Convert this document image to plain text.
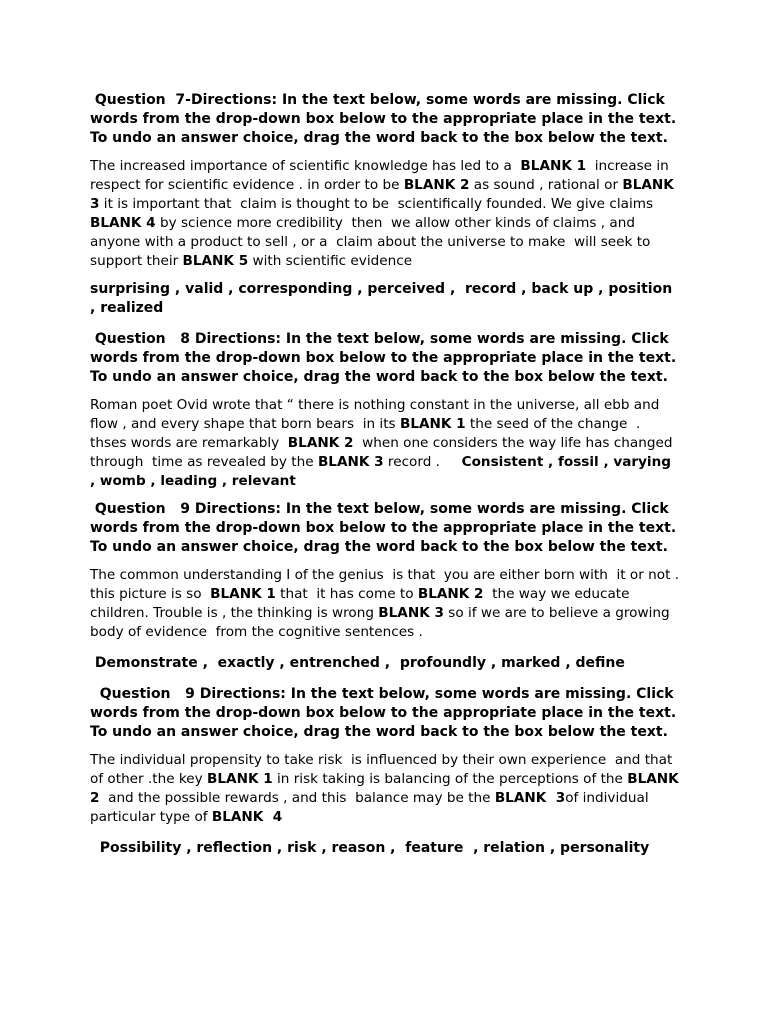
Question  7-Directions: In the text below, some words are missing. Click words from the drop-down box below to the appropriate place in the text. To undo an answer choice, drag the word back to the box below the text.

The increased importance of scientific knowledge has led to a  BLANK 1  increase in respect for scientific evidence . in order to be BLANK 2 as sound , rational or BLANK 3 it is important that  claim is thought to be  scientifically founded. We give claims BLANK 4 by science more credibility  then  we allow other kinds of claims , and anyone with a product to sell , or a  claim about the universe to make  will seek to support their BLANK 5 with scientific evidence

surprising , valid , corresponding , perceived ,  record , back up , position , realized

Question   8 Directions: In the text below, some words are missing. Click words from the drop-down box below to the appropriate place in the text. To undo an answer choice, drag the word back to the box below the text.

Roman poet Ovid wrote that “ there is nothing constant in the universe, all ebb and flow , and every shape that born bears  in its BLANK 1 the seed of the change  . thses words are remarkably  BLANK 2  when one considers the way life has changed through  time as revealed by the BLANK 3 record .     Consistent , fossil , varying , womb , leading , relevant

Question   9 Directions: In the text below, some words are missing. Click words from the drop-down box below to the appropriate place in the text. To undo an answer choice, drag the word back to the box below the text.

The common understanding I of the genius  is that  you are either born with  it or not . this picture is so  BLANK 1 that  it has come to BLANK 2  the way we educate children. Trouble is , the thinking is wrong BLANK 3 so if we are to believe a growing body of evidence  from the cognitive sentences .

Demonstrate ,  exactly , entrenched ,  profoundly , marked , define

Question   9 Directions: In the text below, some words are missing. Click words from the drop-down box below to the appropriate place in the text. To undo an answer choice, drag the word back to the box below the text.

The individual propensity to take risk  is influenced by their own experience  and that of other .the key BLANK 1 in risk taking is balancing of the perceptions of the BLANK  2  and the possible rewards , and this  balance may be the BLANK  3of individual particular type of BLANK  4

Possibility , reflection , risk , reason ,  feature  , relation , personality
